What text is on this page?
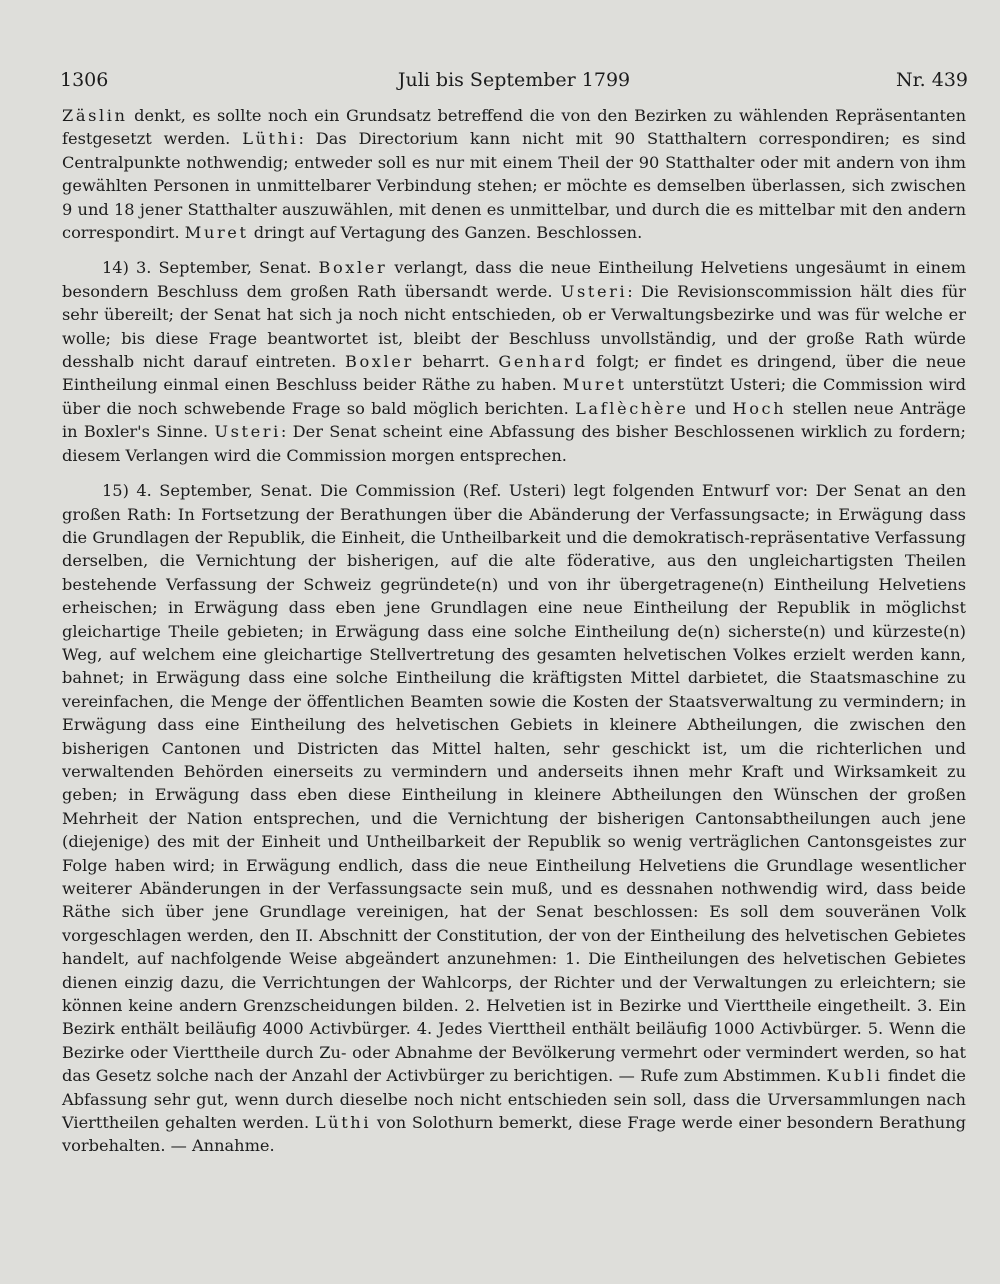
1306	Juli bis September 1799	Nr. 439

Zäslin denkt, es sollte noch ein Grundsatz betreffend die von den Bezirken zu wählenden Repräsentanten festgesetzt werden. Lüthi: Das Directorium kann nicht mit 90 Statthaltern correspondiren; es sind Centralpunkte nothwendig; entweder soll es nur mit einem Theil der 90 Statthalter oder mit andern von ihm gewählten Personen in unmittelbarer Verbindung stehen; er möchte es demselben überlassen, sich zwischen 9 und 18 jener Statthalter auszuwählen, mit denen es unmittelbar, und durch die es mittelbar mit den andern correspondirt. Muret dringt auf Vertagung des Ganzen. Beschlossen.

14) 3. September, Senat. Boxler verlangt, dass die neue Eintheilung Helvetiens ungesäumt in einem besondern Beschluss dem großen Rath übersandt werde. Usteri: Die Revisionscommission hält dies für sehr übereilt; der Senat hat sich ja noch nicht entschieden, ob er Verwaltungsbezirke und was für welche er wolle; bis diese Frage beantwortet ist, bleibt der Beschluss unvollständig, und der große Rath würde desshalb nicht darauf eintreten. Boxler beharrt. Genhard folgt; er findet es dringend, über die neue Eintheilung einmal einen Beschluss beider Räthe zu haben. Muret unterstützt Usteri; die Commission wird über die noch schwebende Frage so bald möglich berichten. Laflèchère und Hoch stellen neue Anträge in Boxler's Sinne. Usteri: Der Senat scheint eine Abfassung des bisher Beschlossenen wirklich zu fordern; diesem Verlangen wird die Commission morgen entsprechen.

15) 4. September, Senat. Die Commission (Ref. Usteri) legt folgenden Entwurf vor: Der Senat an den großen Rath: In Fortsetzung der Berathungen über die Abänderung der Verfassungsacte; in Erwägung dass die Grundlagen der Republik, die Einheit, die Untheilbarkeit und die demokratisch-repräsentative Verfassung derselben, die Vernichtung der bisherigen, auf die alte föderative, aus den ungleichartigsten Theilen bestehende Verfassung der Schweiz gegründete(n) und von ihr übergetragene(n) Eintheilung Helvetiens erheischen; in Erwägung dass eben jene Grundlagen eine neue Eintheilung der Republik in möglichst gleichartige Theile gebieten; in Erwägung dass eine solche Eintheilung de(n) sicherste(n) und kürzeste(n) Weg, auf welchem eine gleichartige Stellvertretung des gesamten helvetischen Volkes erzielt werden kann, bahnet; in Erwägung dass eine solche Eintheilung die kräftigsten Mittel darbietet, die Staatsmaschine zu vereinfachen, die Menge der öffentlichen Beamten sowie die Kosten der Staatsverwaltung zu vermindern; in Erwägung dass eine Eintheilung des helvetischen Gebiets in kleinere Abtheilungen, die zwischen den bisherigen Cantonen und Districten das Mittel halten, sehr geschickt ist, um die richterlichen und verwaltenden Behörden einerseits zu vermindern und anderseits ihnen mehr Kraft und Wirksamkeit zu geben; in Erwägung dass eben diese Eintheilung in kleinere Abtheilungen den Wünschen der großen Mehrheit der Nation entsprechen, und die Vernichtung der bisherigen Cantonsabtheilungen auch jene (diejenige) des mit der Einheit und Untheilbarkeit der Republik so wenig verträglichen Cantonsgeistes zur Folge haben wird; in Erwägung endlich, dass die neue Eintheilung Helvetiens die Grundlage wesentlicher weiterer Abänderungen in der Verfassungsacte sein muß, und es dessnahen nothwendig wird, dass beide Räthe sich über jene Grundlage vereinigen, hat der Senat beschlossen: Es soll dem souveränen Volk vorgeschlagen werden, den II. Abschnitt der Constitution, der von der Eintheilung des helvetischen Gebietes handelt, auf nachfolgende Weise abgeändert anzunehmen: 1. Die Eintheilungen des helvetischen Gebietes dienen einzig dazu, die Verrichtungen der Wahlcorps, der Richter und der Verwaltungen zu erleichtern; sie können keine andern Grenzscheidungen bilden. 2. Helvetien ist in Bezirke und Vierttheile eingetheilt. 3. Ein Bezirk enthält beiläufig 4000 Activbürger. 4. Jedes Vierttheil enthält beiläufig 1000 Activbürger. 5. Wenn die Bezirke oder Vierttheile durch Zu- oder Abnahme der Bevölkerung vermehrt oder vermindert werden, so hat das Gesetz solche nach der Anzahl der Activbürger zu berichtigen. — Rufe zum Abstimmen. Kubli findet die Abfassung sehr gut, wenn durch dieselbe noch nicht entschieden sein soll, dass die Urversammlungen nach Vierttheilen gehalten werden. Lüthi von Solothurn bemerkt, diese Frage werde einer besondern Berathung vorbehalten. — Annahme.
